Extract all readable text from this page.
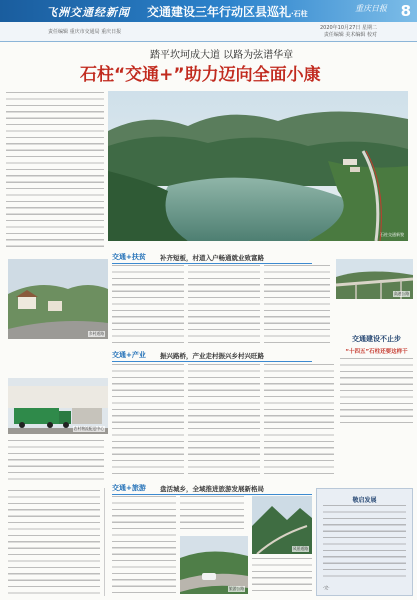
飞洲交通经新闻 交通建设三年行动区县巡礼·石柱
重庆日报 8
责任编辑 重庆市交通局 重庆日报
2020年10月27日 星期二
责任编辑 美术编辑 校对
踏平坎坷成大道 以路为弦谱华章
石柱“交通+”助力迈向全面小康
石柱交通新貌
交通+扶贫 补齐短板，村道入户畅通就业致富路
乡村道路
高速公路
交通建设不止步
“十四五”石柱还要这样干
交通+产业 振兴路桥，产业走村振兴乡村兴旺路
农村物流配送中心
交通+旅游 盘活城乡，全域推进旅游发展新格局
旅游公路
风景道路
敬启发展
·完·
